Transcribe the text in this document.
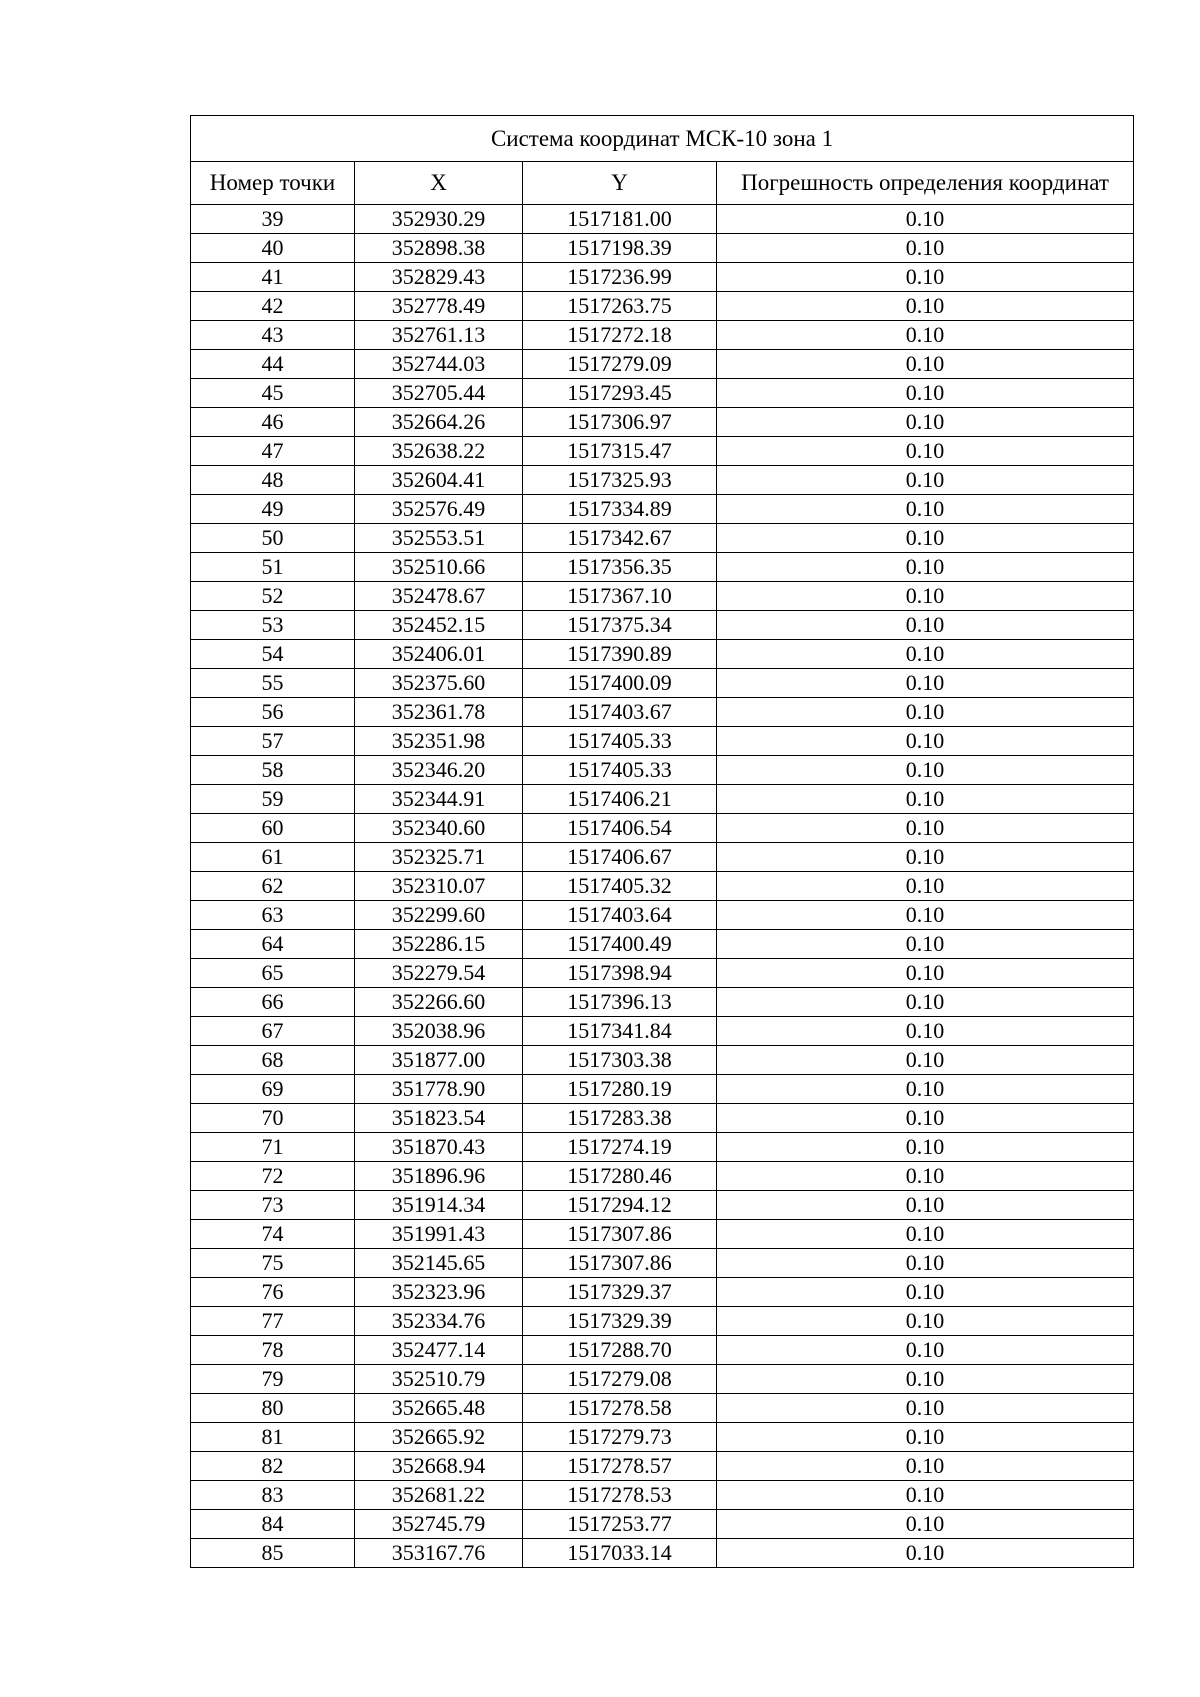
Система координат МСК-10 зона 1			
Номер точки	X	Y	Погрешность определения координат
39	352930.29	1517181.00	0.10
40	352898.38	1517198.39	0.10
41	352829.43	1517236.99	0.10
42	352778.49	1517263.75	0.10
43	352761.13	1517272.18	0.10
44	352744.03	1517279.09	0.10
45	352705.44	1517293.45	0.10
46	352664.26	1517306.97	0.10
47	352638.22	1517315.47	0.10
48	352604.41	1517325.93	0.10
49	352576.49	1517334.89	0.10
50	352553.51	1517342.67	0.10
51	352510.66	1517356.35	0.10
52	352478.67	1517367.10	0.10
53	352452.15	1517375.34	0.10
54	352406.01	1517390.89	0.10
55	352375.60	1517400.09	0.10
56	352361.78	1517403.67	0.10
57	352351.98	1517405.33	0.10
58	352346.20	1517405.33	0.10
59	352344.91	1517406.21	0.10
60	352340.60	1517406.54	0.10
61	352325.71	1517406.67	0.10
62	352310.07	1517405.32	0.10
63	352299.60	1517403.64	0.10
64	352286.15	1517400.49	0.10
65	352279.54	1517398.94	0.10
66	352266.60	1517396.13	0.10
67	352038.96	1517341.84	0.10
68	351877.00	1517303.38	0.10
69	351778.90	1517280.19	0.10
70	351823.54	1517283.38	0.10
71	351870.43	1517274.19	0.10
72	351896.96	1517280.46	0.10
73	351914.34	1517294.12	0.10
74	351991.43	1517307.86	0.10
75	352145.65	1517307.86	0.10
76	352323.96	1517329.37	0.10
77	352334.76	1517329.39	0.10
78	352477.14	1517288.70	0.10
79	352510.79	1517279.08	0.10
80	352665.48	1517278.58	0.10
81	352665.92	1517279.73	0.10
82	352668.94	1517278.57	0.10
83	352681.22	1517278.53	0.10
84	352745.79	1517253.77	0.10
85	353167.76	1517033.14	0.10
